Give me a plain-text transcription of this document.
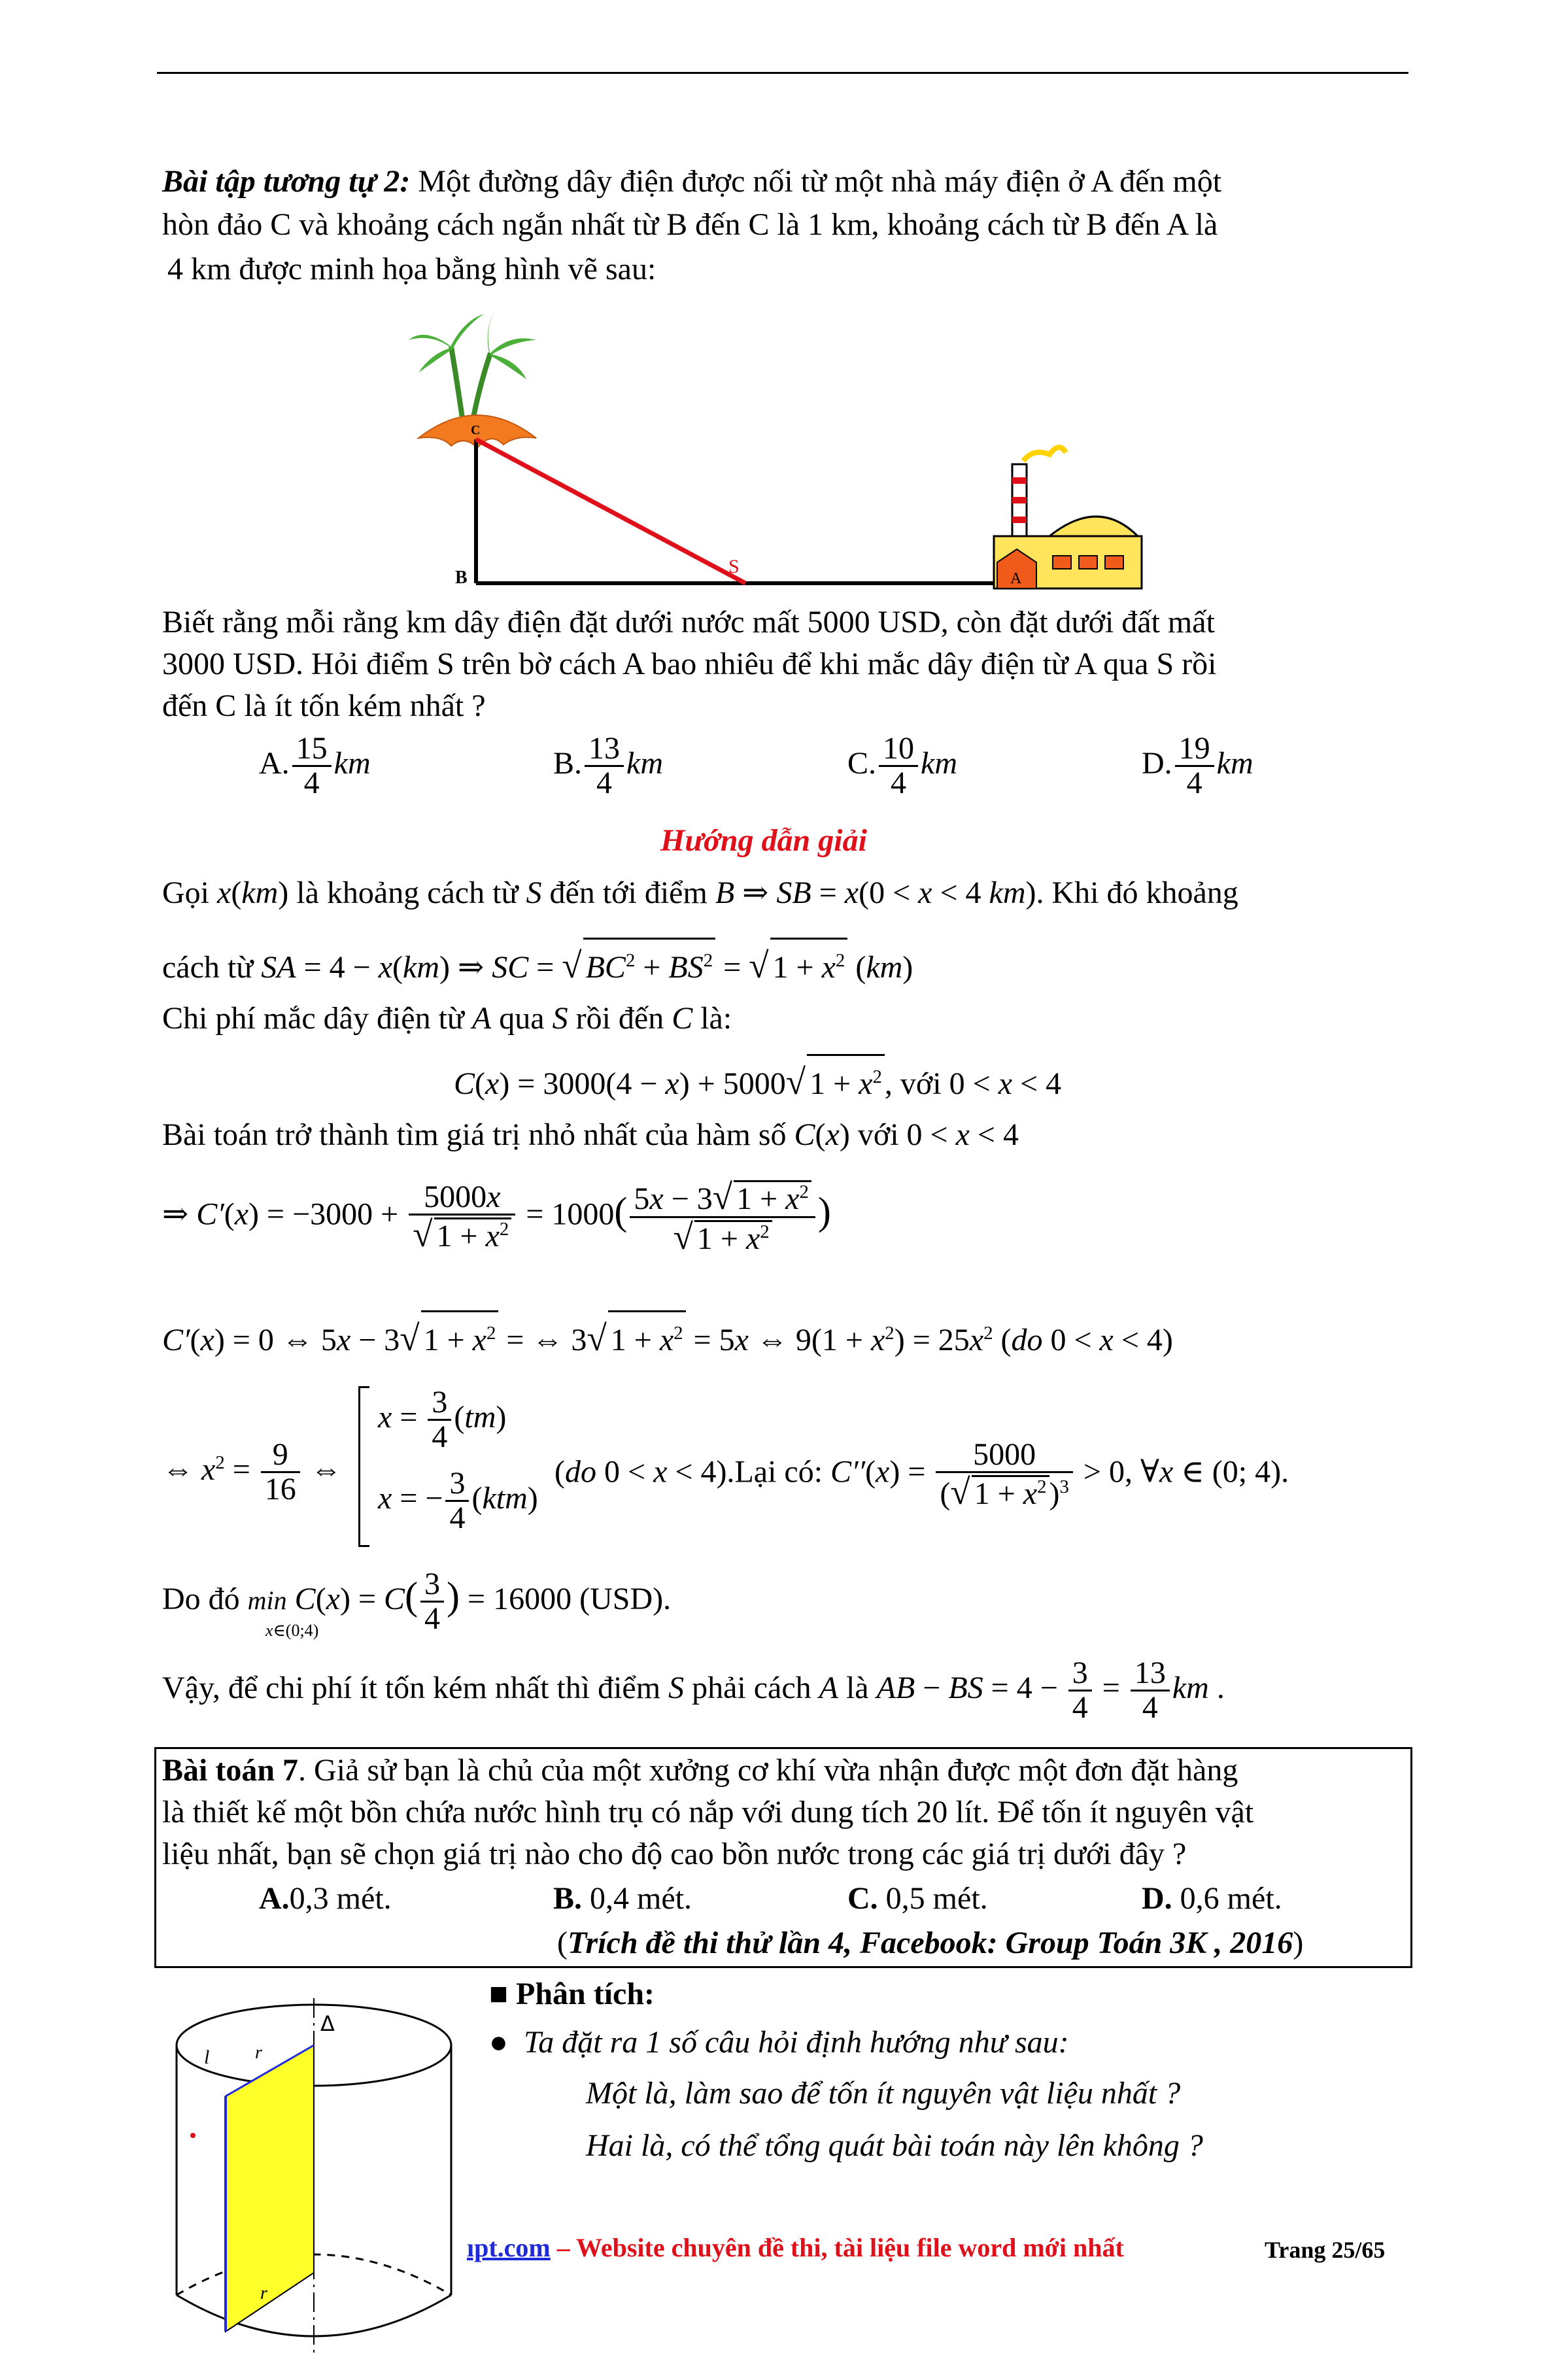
Bài tập tương tự 2: Một đường dây điện được nối từ một nhà máy điện ở A đến một
hòn đảo C và khoảng cách ngắn nhất từ B đến C là 1 km, khoảng cách từ B đến A là
4 km được minh họa bằng hình vẽ sau:
C
B
S
A
Biết rằng mỗi rằng km dây điện đặt dưới nước mất 5000 USD, còn đặt dưới đất mất
3000 USD. Hỏi điểm S trên bờ cách A bao nhiêu để khi mắc dây điện từ A qua S rồi
đến C là ít tốn kém nhất ?
A. $\frac{15}{4}$ km	B. $\frac{13}{4}$ km	C. $\frac{10}{4}$ km	D. $\frac{19}{4}$ km
Hướng dẫn giải
Gọi x(km) là khoảng cách từ S đến tới điểm B ⇒ SB = x(0 < x < 4 km). Khi đó khoảng
cách từ SA = 4 − x(km) ⇒ SC = √ $BC^2 + BS^2$ = √ $1 + x^2$ (km)
Chi phí mắc dây điện từ A qua S rồi đến C là:
C(x) = 3000(4 − x) + 5000√ $1 + x^2$, với 0 < x < 4
Bài toán trở thành tìm giá trị nhỏ nhất của hàm số C(x) với 0 < x < 4
⇒ $C'(x) = -3000 + \frac{5000x}{√ 1 + x^2} = 1000( \frac{5x - 3√ 1 + x^2}{√ 1 + x^2}$ )
C′(x) = 0 ⇔ 5x − 3√ $1 + x^2$ = ⇔ 3√ $1 + x^2 = 5x$ ⇔ $9(1 + x^2) = 25x^2$ (do 0 < x < 4)
⇔ $x^2 = \frac{9}{16}$ ⇔
$x = \frac{3}{4} (tm)$
x = − $\frac{3}{4} (ktm)$
(do 0 < x < 4).Lại có: $C''(x) = \frac{5000}{(√ 1 + x^2)^3} > 0$, ∀x ∈ (0; 4).
Do đó min
x∈(0;4)
$C(x) = C( \frac{3}{4}$ ) = 16000 (USD).
Vậy, để chi phí ít tốn kém nhất thì điểm S phải cách A là AB − BS = $4 - \frac{3}{4} = \frac{13}{4}$ km .
Bài toán 7. Giả sử bạn là chủ của một xưởng cơ khí vừa nhận được một đơn đặt hàng
là thiết kế một bồn chứa nước hình trụ có nắp với dung tích 20 lít. Để tốn ít nguyên vật
liệu nhất, bạn sẽ chọn giá trị nào cho độ cao bồn nước trong các giá trị dưới đây ?
A.0,3 mét.	B. 0,4 mét.	C. 0,5 mét.	D. 0,6 mét.
(Trích đề thi thử lần 4, Facebook: Group Toán 3K , 2016)
l r
r
Δ
■ Phân tích:
● Ta đặt ra 1 số câu hỏi định hướng như sau:
Một là, làm sao để tốn ít nguyên vật liệu nhất ?
Hai là, có thể tổng quát bài toán này lên không ?
ıpt.com – Website chuyên đề thi, tài liệu file word mới nhất	Trang 25/65
